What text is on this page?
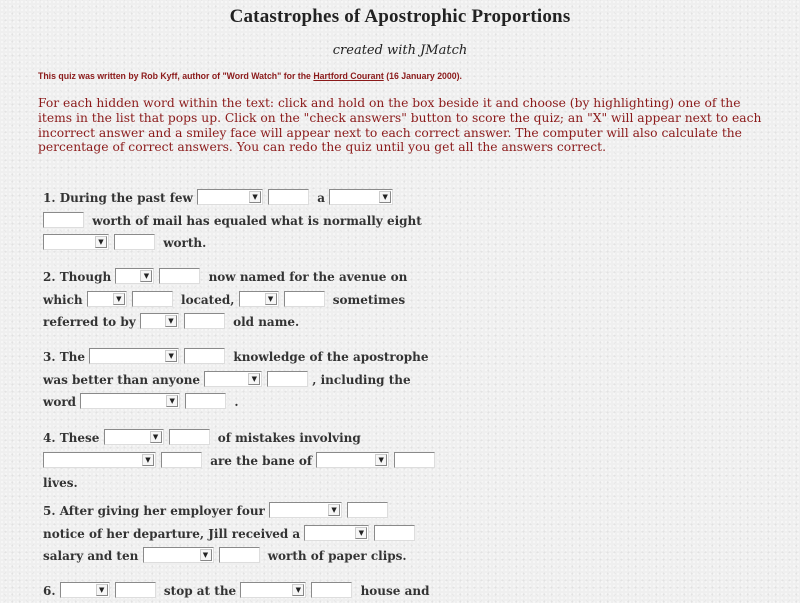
Catastrophes of Apostrophic Proportions
created with JMatch
This quiz was written by Rob Kyff, author of "Word Watch" for the Hartford Courant (16 January 2000).
For each hidden word within the text: click and hold on the box beside it and choose (by highlighting) one of the items in the list that pops up. Click on the "check answers" button to score the quiz; an "X" will appear next to each incorrect answer and a smiley face will appear next to each correct answer. The computer will also calculate the percentage of correct answers. You can redo the quiz until you get all the answers correct.
1. During the past few	▼	a	▼

worth of mail has equaled what is normally eight

▼	worth.
2. Though	▼	now named for the avenue on
which	▼	located,	▼	sometimes
referred to by	▼	old name.
3. The	▼	knowledge of the apostrophe
was better than anyone	▼	, including the
word	▼	.
4. These	▼	of mistakes involving

▼	are the bane of	▼

lives.
5. After giving her employer four	▼

notice of her departure, Jill received a	▼

salary and ten	▼	worth of paper clips.
6.	▼	stop at the	▼	house and
